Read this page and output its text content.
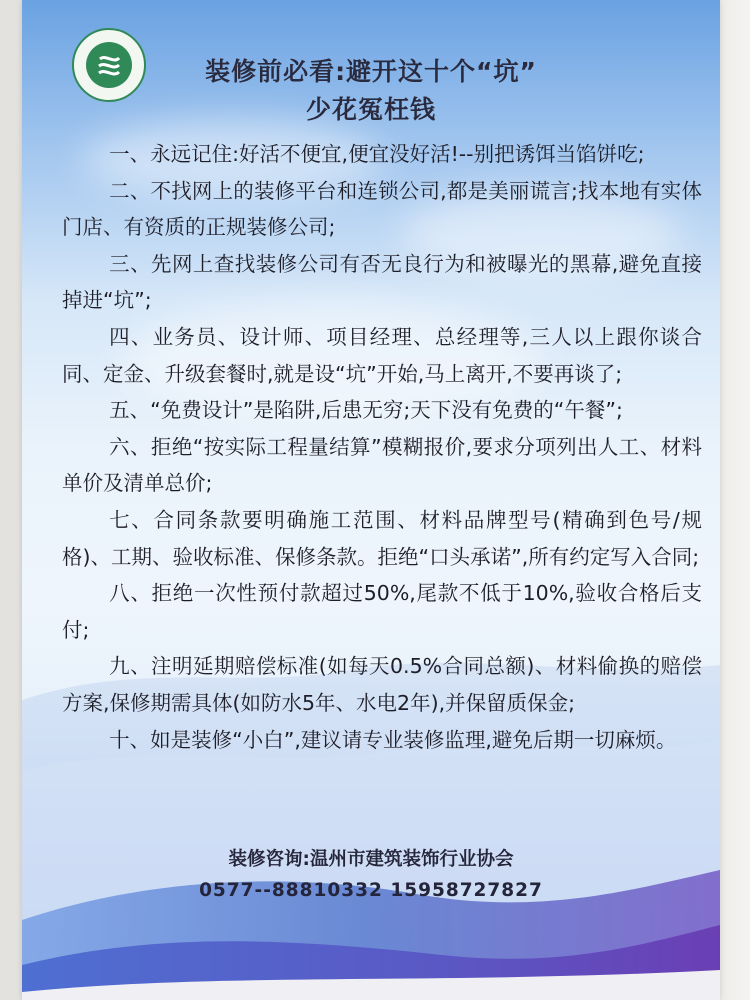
装修前必看:避开这十个“坑”
少花冤枉钱

一、永远记住:好活不便宜,便宜没好活!--别把诱饵当馅饼吃;

二、不找网上的装修平台和连锁公司,都是美丽谎言;找本地有实体门店、有资质的正规装修公司;

三、先网上查找装修公司有否无良行为和被曝光的黑幕,避免直接掉进“坑”;

四、业务员、设计师、项目经理、总经理等,三人以上跟你谈合同、定金、升级套餐时,就是设“坑”开始,马上离开,不要再谈了;

五、“免费设计”是陷阱,后患无穷;天下没有免费的“午餐”;

六、拒绝“按实际工程量结算”模糊报价,要求分项列出人工、材料单价及清单总价;

七、合同条款要明确施工范围、材料品牌型号(精确到色号/规格)、工期、验收标准、保修条款。拒绝“口头承诺”,所有约定写入合同;

八、拒绝一次性预付款超过50%,尾款不低于10%,验收合格后支付;

九、注明延期赔偿标准(如每天0.5%合同总额)、材料偷换的赔偿方案,保修期需具体(如防水5年、水电2年),并保留质保金;

十、如是装修“小白”,建议请专业装修监理,避免后期一切麻烦。

装修咨询:温州市建筑装饰行业协会
0577--88810332 15958727827
